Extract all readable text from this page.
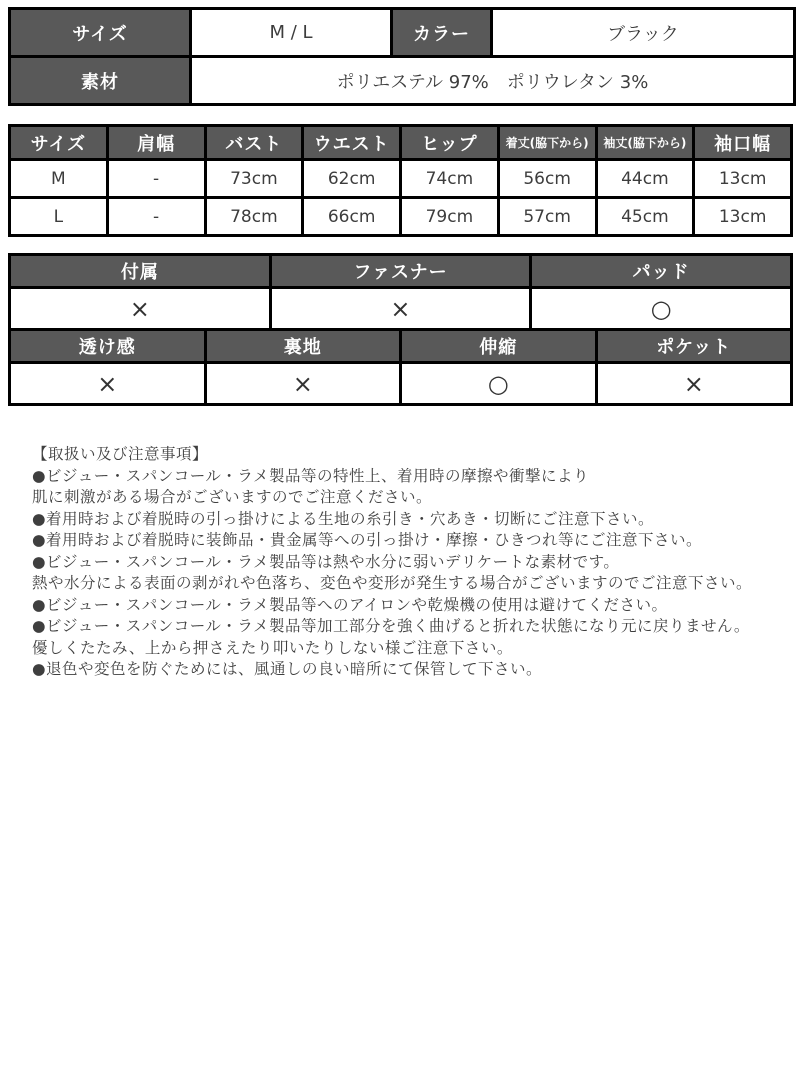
サイズ	M / L	カラー	ブラック
素材	ポリエステル 97%　ポリウレタン 3%		
サイズ	肩幅	バスト	ウエスト	ヒップ	着丈(脇下から)	袖丈(脇下から)	袖口幅
M	-	73cm	62cm	74cm	56cm	44cm	13cm
L	-	78cm	66cm	79cm	57cm	45cm	13cm
付属	ファスナー	パッド
×	×	○
透け感	裏地	伸縮	ポケット
×	×	○	×
【取扱い及び注意事項】
●ビジュー・スパンコール・ラメ製品等の特性上、着用時の摩擦や衝撃により
肌に刺激がある場合がございますのでご注意ください。
●着用時および着脱時の引っ掛けによる生地の糸引き・穴あき・切断にご注意下さい。
●着用時および着脱時に装飾品・貴金属等への引っ掛け・摩擦・ひきつれ等にご注意下さい。
●ビジュー・スパンコール・ラメ製品等は熱や水分に弱いデリケートな素材です。
熱や水分による表面の剥がれや色落ち、変色や変形が発生する場合がございますのでご注意下さい。
●ビジュー・スパンコール・ラメ製品等へのアイロンや乾燥機の使用は避けてください。
●ビジュー・スパンコール・ラメ製品等加工部分を強く曲げると折れた状態になり元に戻りません。
優しくたたみ、上から押さえたり叩いたりしない様ご注意下さい。
●退色や変色を防ぐためには、風通しの良い暗所にて保管して下さい。
